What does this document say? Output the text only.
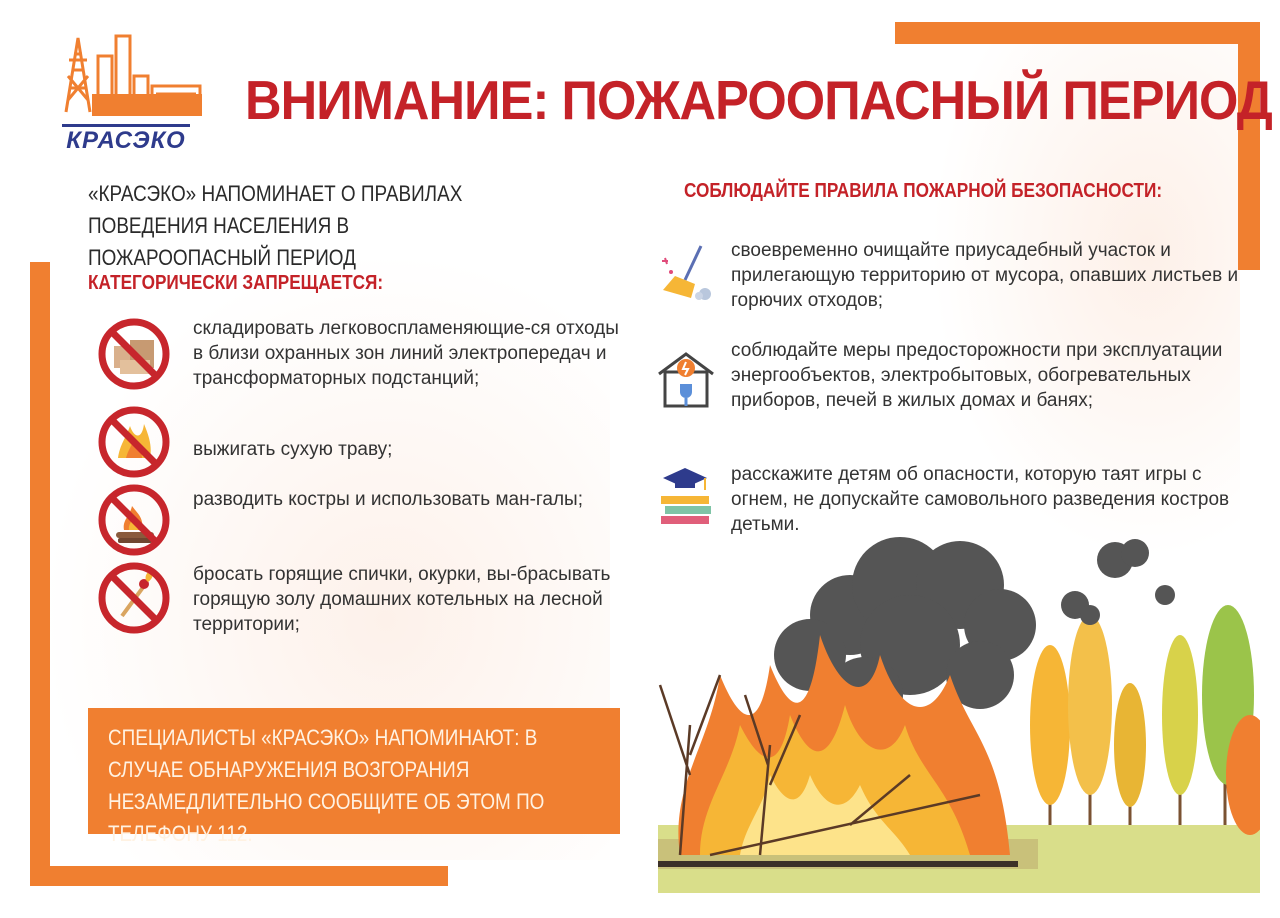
КРАСЭКО
ВНИМАНИЕ: ПОЖАРООПАСНЫЙ ПЕРИОД
«КРАСЭКО» НАПОМИНАЕТ О ПРАВИЛАХ ПОВЕДЕНИЯ НАСЕЛЕНИЯ В ПОЖАРООПАСНЫЙ ПЕРИОД
КАТЕГОРИЧЕСКИ ЗАПРЕЩАЕТСЯ:
складировать легковоспламеняющие-ся отходы в близи охранных зон линий электропередач и трансформаторных подстанций;
выжигать сухую траву;
разводить костры и использовать ман-галы;
бросать горящие спички, окурки, вы-брасывать горящую золу домашних котельных на лесной территории;
СПЕЦИАЛИСТЫ «КРАСЭКО» НАПОМИНАЮТ: В СЛУЧАЕ ОБНАРУЖЕНИЯ ВОЗГОРАНИЯ НЕЗАМЕДЛИТЕЛЬНО СООБЩИТЕ ОБ ЭТОМ ПО ТЕЛЕФОНУ 112.
СОБЛЮДАЙТЕ ПРАВИЛА ПОЖАРНОЙ БЕЗОПАСНОСТИ:
своевременно очищайте приусадебный участок и прилегающую территорию от мусора, опавших листьев и горючих отходов;
соблюдайте меры предосторожности при эксплуатации энергообъектов, электробытовых, обогревательных приборов, печей в жилых домах и банях;
расскажите детям об опасности, которую таят игры с огнем, не допускайте самовольного разведения костров детьми.
